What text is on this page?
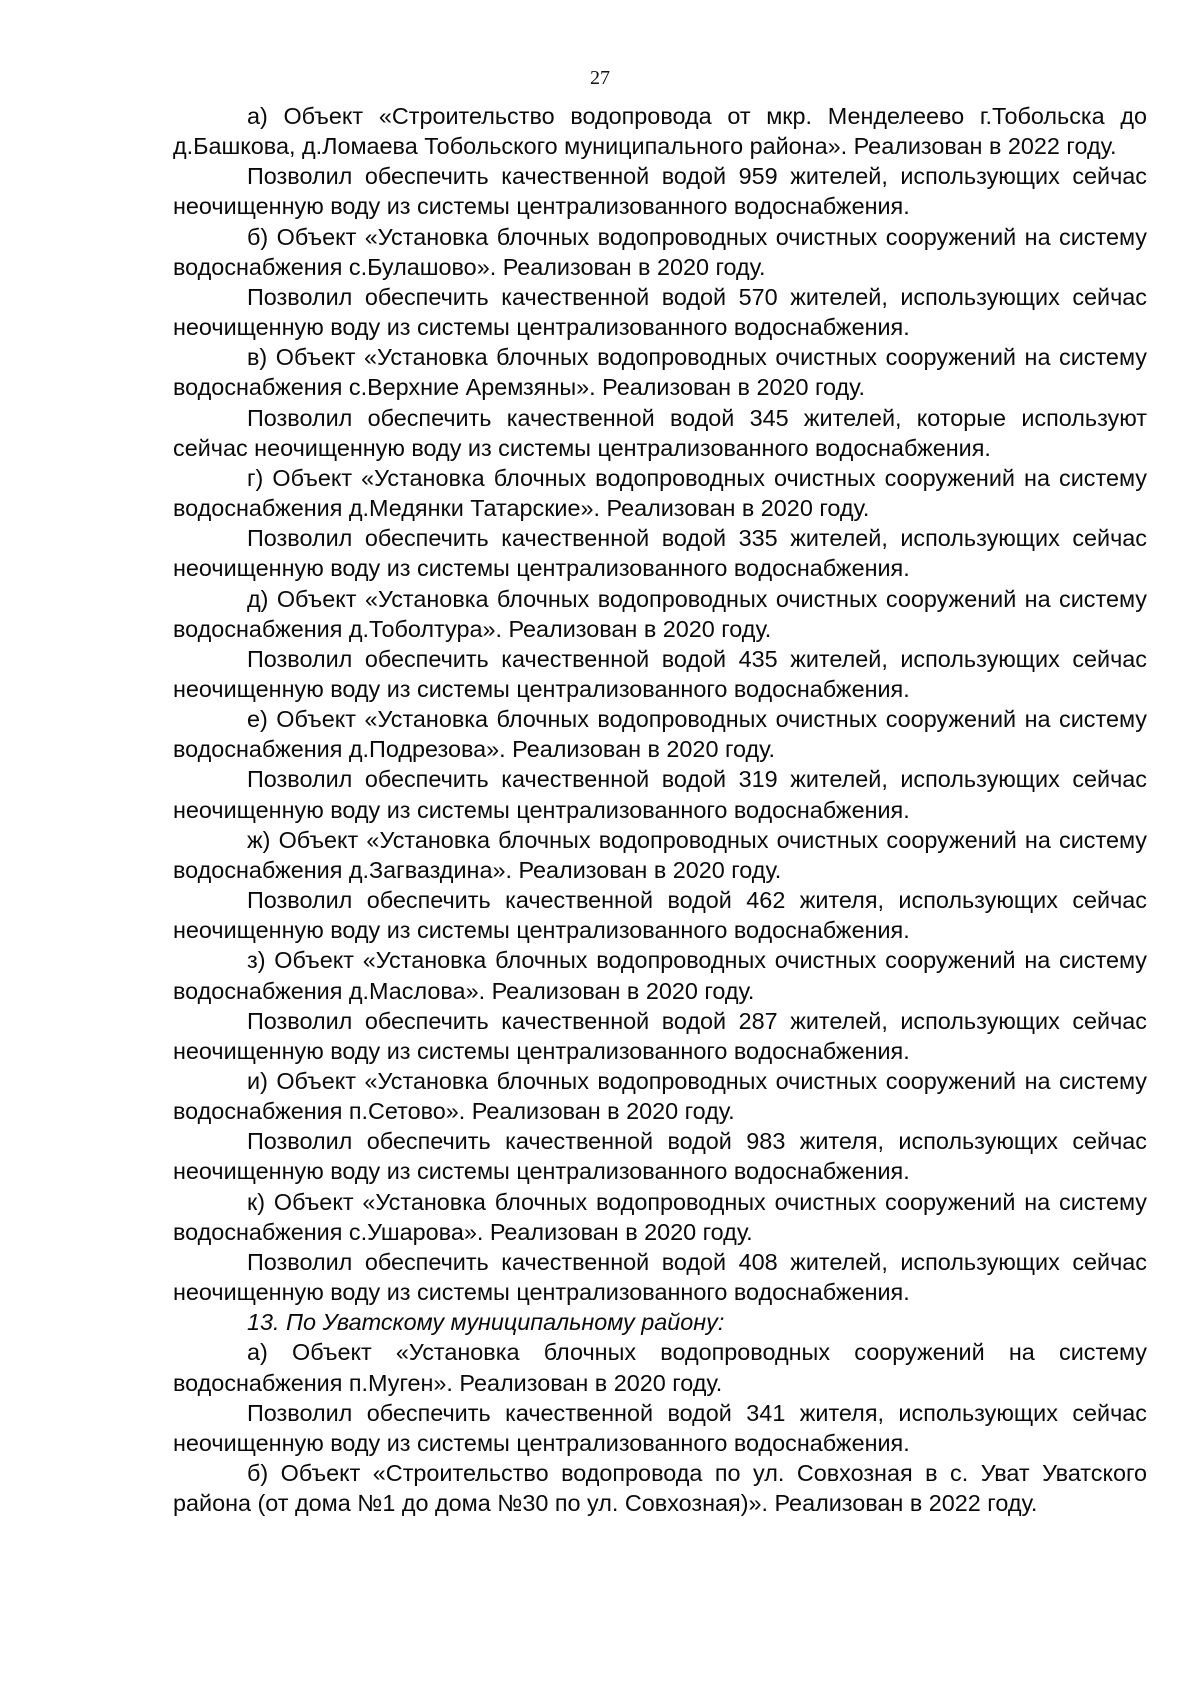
27

а) Объект «Строительство водопровода от мкр. Менделеево г.Тобольска до д.Башкова, д.Ломаева Тобольского муниципального района». Реализован в 2022 году.

Позволил обеспечить качественной водой 959 жителей, использующих сейчас неочищенную воду из системы централизованного водоснабжения.

б) Объект «Установка блочных водопроводных очистных сооружений на систему водоснабжения с.Булашово». Реализован в 2020 году.

Позволил обеспечить качественной водой 570 жителей, использующих сейчас неочищенную воду из системы централизованного водоснабжения.

в) Объект «Установка блочных водопроводных очистных сооружений на систему водоснабжения с.Верхние Аремзяны». Реализован в 2020 году.

Позволил обеспечить качественной водой 345 жителей, которые используют сейчас неочищенную воду из системы централизованного водоснабжения.

г) Объект «Установка блочных водопроводных очистных сооружений на систему водоснабжения д.Медянки Татарские». Реализован в 2020 году.

Позволил обеспечить качественной водой 335 жителей, использующих сейчас неочищенную воду из системы централизованного водоснабжения.

д) Объект «Установка блочных водопроводных очистных сооружений на систему водоснабжения д.Тоболтура». Реализован в 2020 году.

Позволил обеспечить качественной водой 435 жителей, использующих сейчас неочищенную воду из системы централизованного водоснабжения.

е) Объект «Установка блочных водопроводных очистных сооружений на систему водоснабжения д.Подрезова». Реализован в 2020 году.

Позволил обеспечить качественной водой 319 жителей, использующих сейчас неочищенную воду из системы централизованного водоснабжения.

ж) Объект «Установка блочных водопроводных очистных сооружений на систему водоснабжения д.Загваздина». Реализован в 2020 году.

Позволил обеспечить качественной водой 462 жителя, использующих сейчас неочищенную воду из системы централизованного водоснабжения.

з) Объект «Установка блочных водопроводных очистных сооружений на систему водоснабжения д.Маслова». Реализован в 2020 году.

Позволил обеспечить качественной водой 287 жителей, использующих сейчас неочищенную воду из системы централизованного водоснабжения.

и) Объект «Установка блочных водопроводных очистных сооружений на систему водоснабжения п.Сетово». Реализован в 2020 году.

Позволил обеспечить качественной водой 983 жителя, использующих сейчас неочищенную воду из системы централизованного водоснабжения.

к) Объект «Установка блочных водопроводных очистных сооружений на систему водоснабжения с.Ушарова». Реализован в 2020 году.

Позволил обеспечить качественной водой 408 жителей, использующих сейчас неочищенную воду из системы централизованного водоснабжения.

13. По Уватскому муниципальному району:

а) Объект «Установка блочных водопроводных сооружений на систему водоснабжения п.Муген». Реализован в 2020 году.

Позволил обеспечить качественной водой 341 жителя, использующих сейчас неочищенную воду из системы централизованного водоснабжения.

б) Объект «Строительство водопровода по ул. Совхозная в с. Уват Уватского района (от дома №1 до дома №30 по ул. Совхозная)». Реализован в 2022 году.
